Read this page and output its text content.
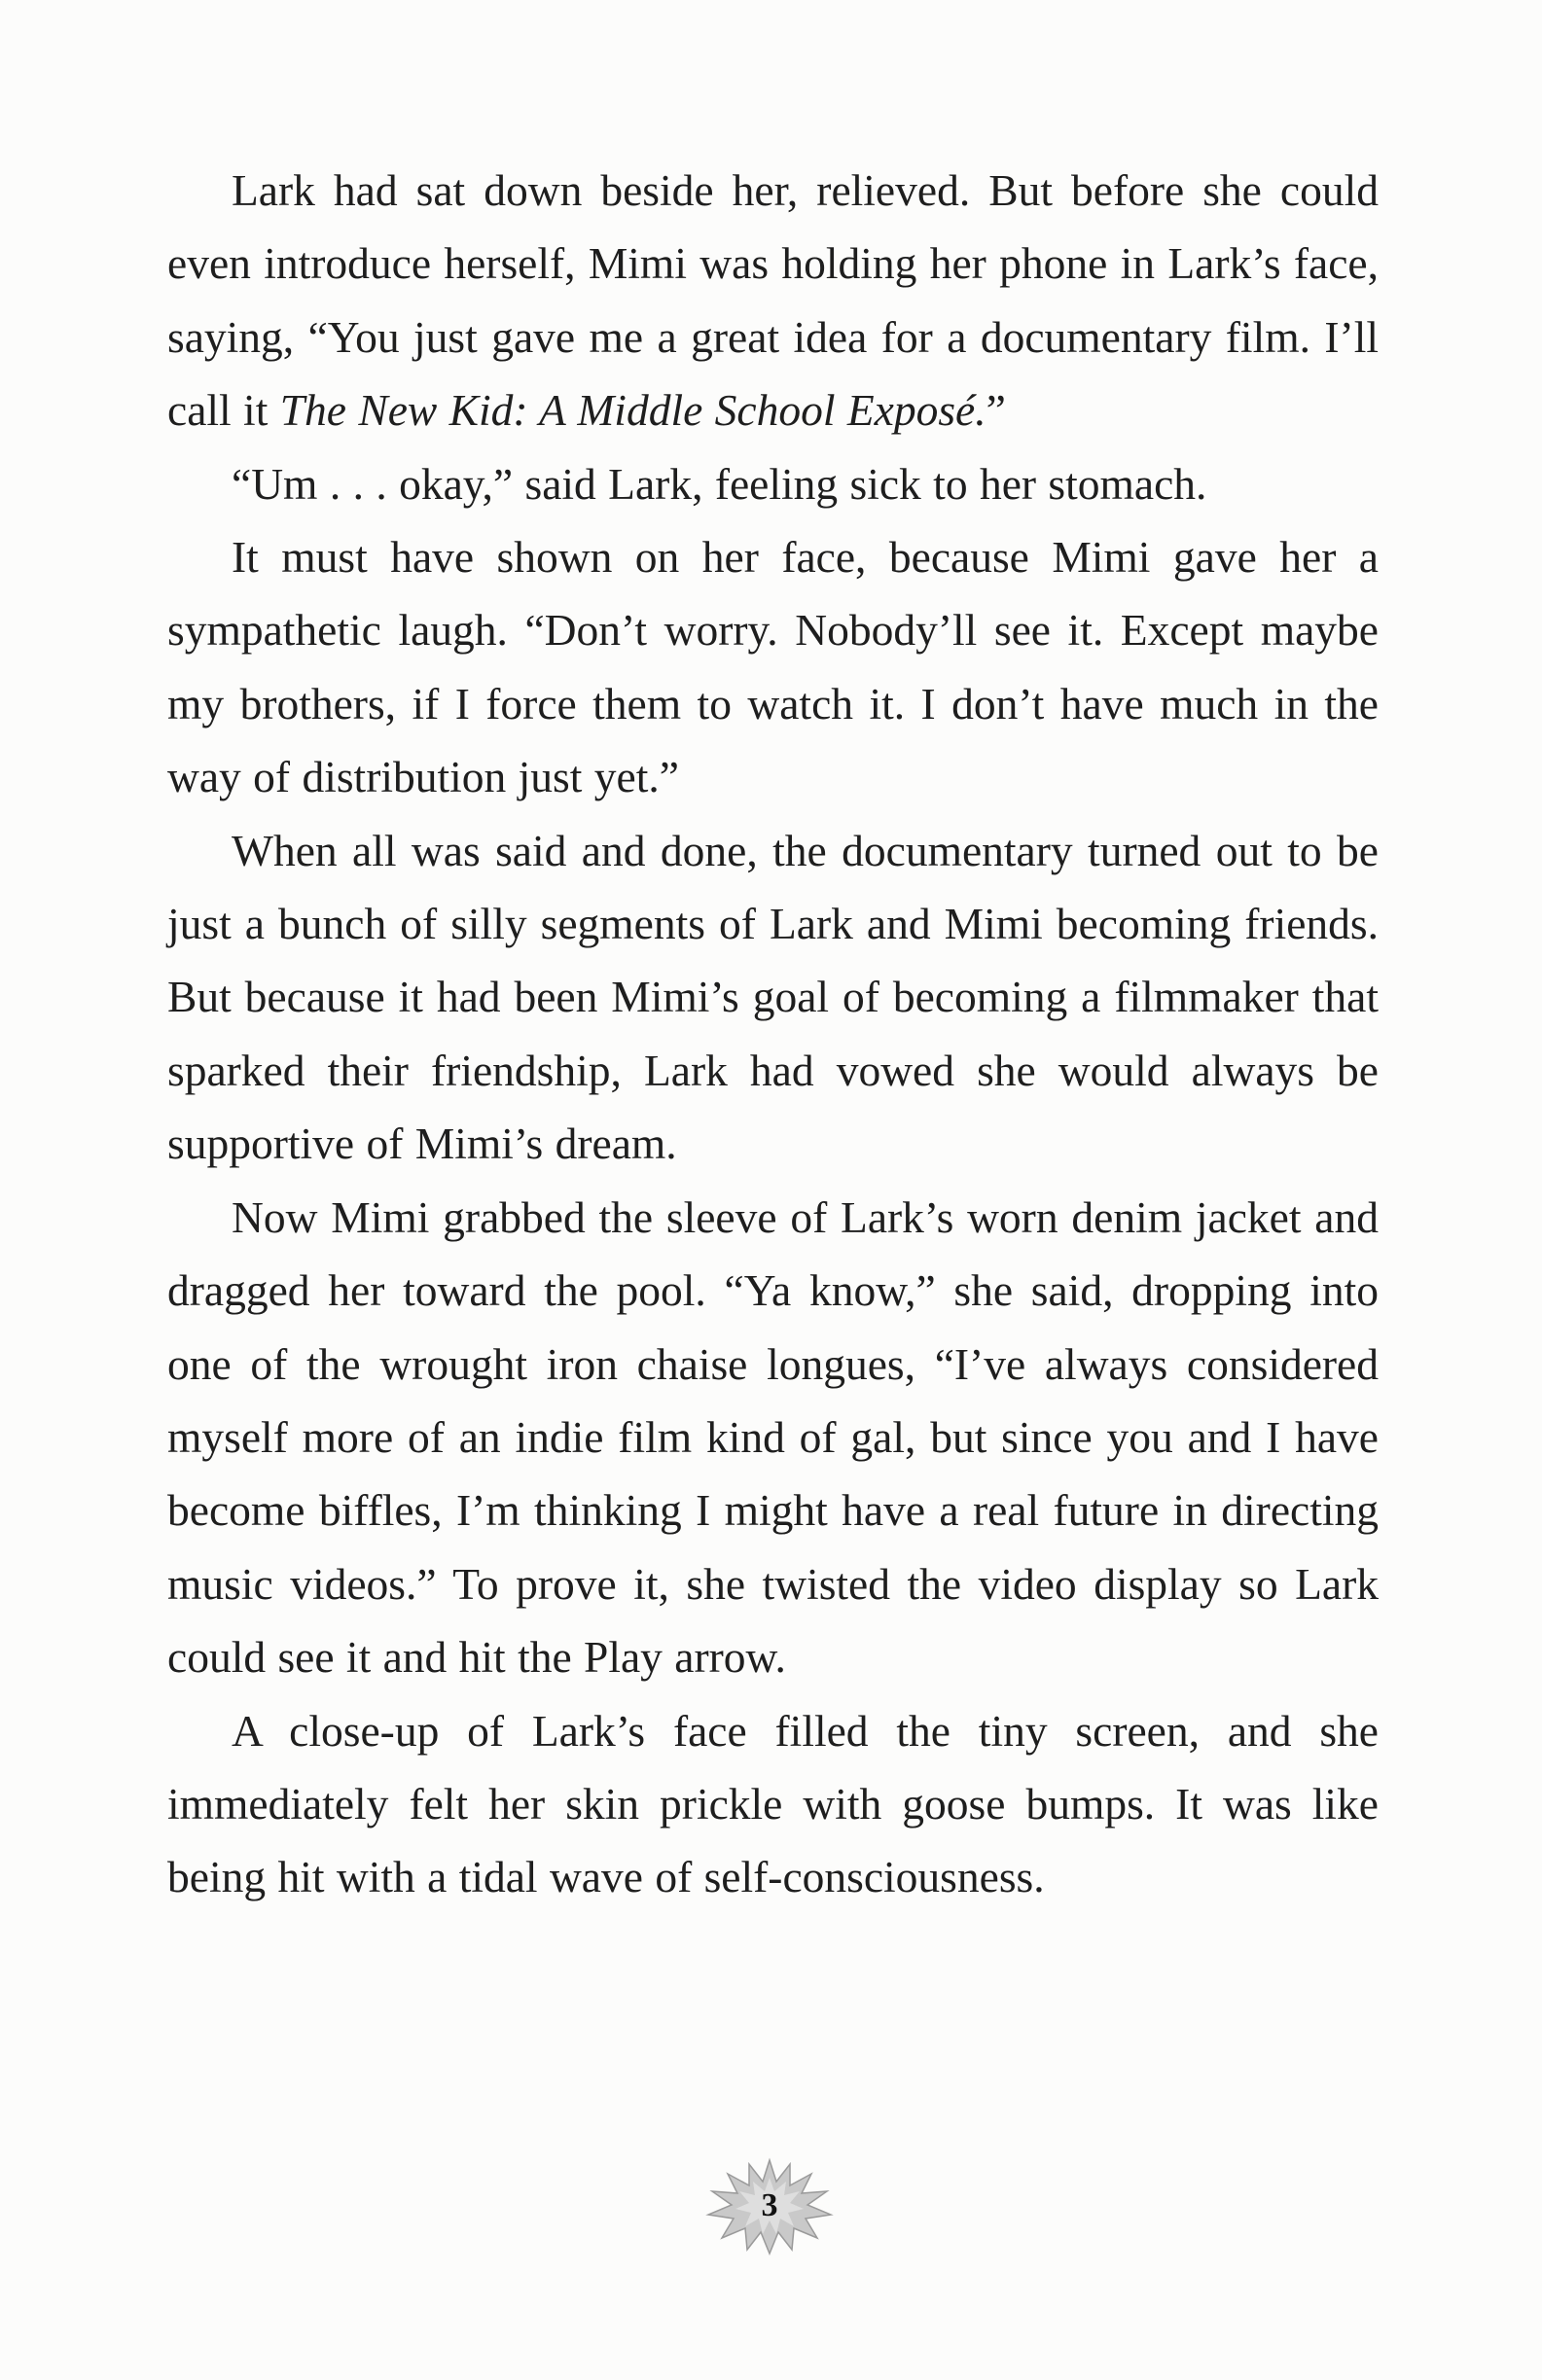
Lark had sat down beside her, relieved. But before she could even introduce herself, Mimi was holding her phone in Lark’s face, saying, “You just gave me a great idea for a documentary film. I’ll call it The New Kid: A Middle School Exposé.”

“Um . . . okay,” said Lark, feeling sick to her stomach.

It must have shown on her face, because Mimi gave her a sympathetic laugh. “Don’t worry. Nobody’ll see it. Except maybe my brothers, if I force them to watch it. I don’t have much in the way of distribution just yet.”

When all was said and done, the documentary turned out to be just a bunch of silly segments of Lark and Mimi becoming friends. But because it had been Mimi’s goal of becoming a filmmaker that sparked their friendship, Lark had vowed she would always be supportive of Mimi’s dream.

Now Mimi grabbed the sleeve of Lark’s worn denim jacket and dragged her toward the pool. “Ya know,” she said, dropping into one of the wrought iron chaise longues, “I’ve always considered myself more of an indie film kind of gal, but since you and I have become biffles, I’m thinking I might have a real future in directing music videos.” To prove it, she twisted the video display so Lark could see it and hit the Play arrow.

A close-up of Lark’s face filled the tiny screen, and she immediately felt her skin prickle with goose bumps. It was like being hit with a tidal wave of self-consciousness.

3
